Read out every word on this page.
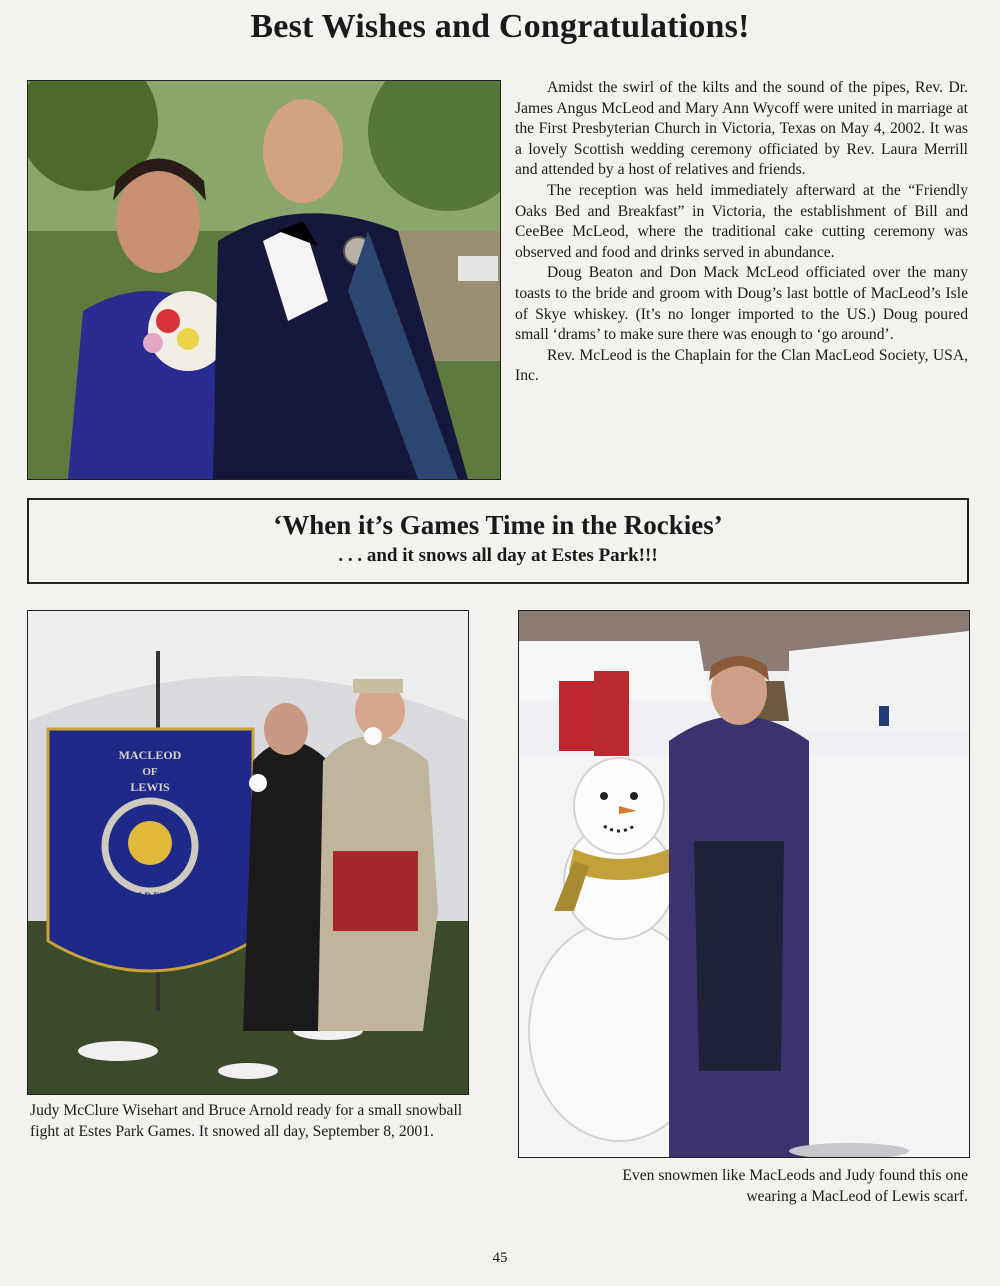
Best Wishes and Congratulations!

Amidst the swirl of the kilts and the sound of the pipes, Rev. Dr. James Angus McLeod and Mary Ann Wycoff were united in marriage at the First Presbyterian Church in Victoria, Texas on May 4, 2002. It was a lovely Scottish wedding ceremony officiated by Rev. Laura Merrill and attended by a host of relatives and friends.

The reception was held immediately afterward at the “Friendly Oaks Bed and Breakfast” in Victoria, the establishment of Bill and CeeBee McLeod, where the traditional cake cutting ceremony was observed and food and drinks served in abundance.

Doug Beaton and Don Mack McLeod officiated over the many toasts to the bride and groom with Doug’s last bottle of MacLeod’s Isle of Skye whiskey. (It’s no longer imported to the US.) Doug poured small ‘drams’ to make sure there was enough to ‘go around’.

Rev. McLeod is the Chaplain for the Clan MacLeod Society, USA, Inc.

‘When it’s Games Time in the Rockies’
. . . and it snows all day at Estes Park!!!
MACLEOD
OF
LEWIS
HOLD FAST
Judy McClure Wisehart and Bruce Arnold ready for a small snowball fight at Estes Park Games. It snowed all day, September 8, 2001.
Even snowmen like MacLeods and Judy found this one
wearing a MacLeod of Lewis scarf.
45
